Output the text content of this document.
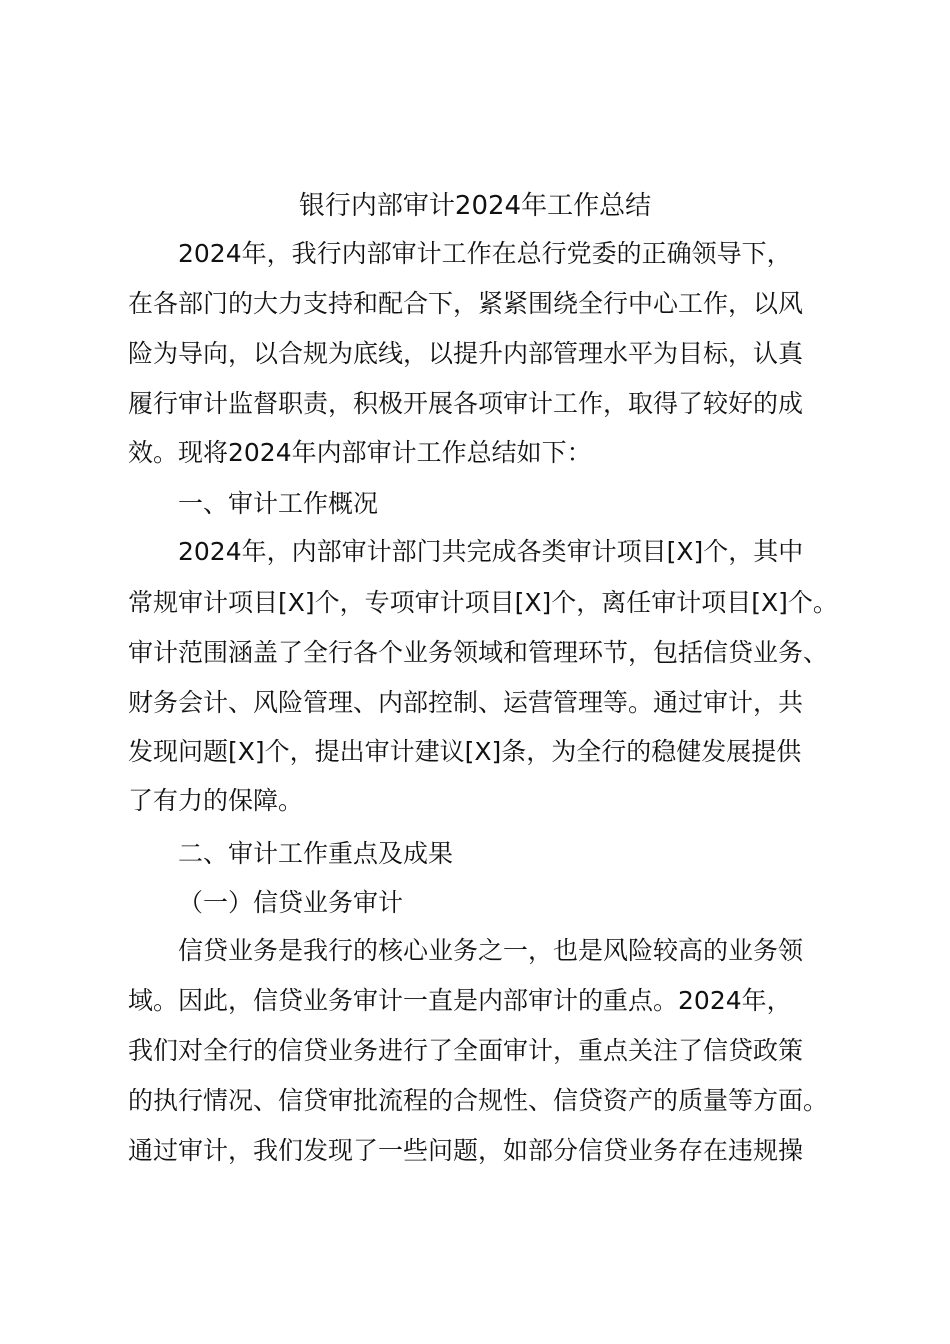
银行内部审计2024年工作总结
2024年，我行内部审计工作在总行党委的正确领导下，
在各部门的大力支持和配合下，紧紧围绕全行中心工作，以风
险为导向，以合规为底线，以提升内部管理水平为目标，认真
履行审计监督职责，积极开展各项审计工作，取得了较好的成
效。现将2024年内部审计工作总结如下：
一、审计工作概况
2024年，内部审计部门共完成各类审计项目[X]个，其中
常规审计项目[X]个，专项审计项目[X]个，离任审计项目[X]个。
审计范围涵盖了全行各个业务领域和管理环节，包括信贷业务、
财务会计、风险管理、内部控制、运营管理等。通过审计，共
发现问题[X]个，提出审计建议[X]条，为全行的稳健发展提供
了有力的保障。
二、审计工作重点及成果
（一）信贷业务审计
信贷业务是我行的核心业务之一，也是风险较高的业务领
域。因此，信贷业务审计一直是内部审计的重点。2024年，
我们对全行的信贷业务进行了全面审计，重点关注了信贷政策
的执行情况、信贷审批流程的合规性、信贷资产的质量等方面。
通过审计，我们发现了一些问题，如部分信贷业务存在违规操
